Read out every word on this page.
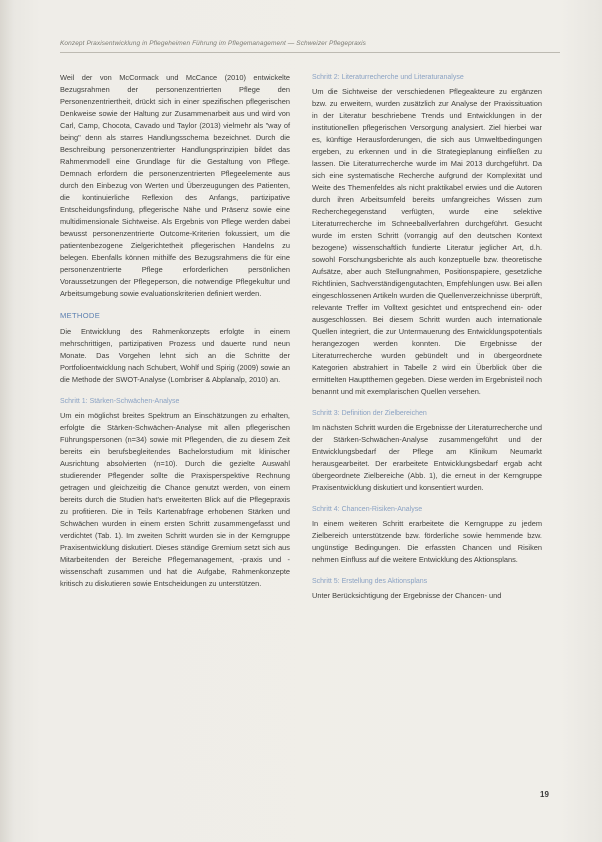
Konzept Praxisentwicklung in Pflegeheimen Führung im Pflegemanagement — Schweizer Pflegepraxis

Weil der von McCormack und McCance (2010) entwickelte Bezugsrahmen der personenzentrierten Pflege den Personenzentriertheit, drückt sich in einer spezifischen pflegerischen Denkweise sowie der Haltung zur Zusammenarbeit aus und wird von Carl, Camp, Chocota, Cavado und Taylor (2013) vielmehr als "way of being" denn als starres Handlungsschema bezeichnet. Durch die Beschreibung personenzentrierter Handlungsprinzipien bildet das Rahmenmodell eine Grundlage für die Gestaltung von Pflege. Demnach erfordern die personenzentrierten Pflegeelemente aus durch den Einbezug von Werten und Überzeugungen des Patienten, die kontinuierliche Reflexion des Anfangs, partizipative Entscheidungsfindung, pflegerische Nähe und Präsenz sowie eine multidimensionale Sichtweise. Als Ergebnis von Pflege werden dabei bewusst personenzentrierte Outcome-Kriterien fokussiert, um die patientenbezogene Zielgerichtetheit pflegerischen Handelns zu belegen. Ebenfalls können mithilfe des Bezugsrahmens die für eine personenzentrierte Pflege erforderlichen persönlichen Voraussetzungen der Pflegeperson, die notwendige Pflegekultur und Arbeitsumgebung sowie evaluationskriterien definiert werden.

METHODE

Die Entwicklung des Rahmenkonzepts erfolgte in einem mehrschrittigen, partizipativen Prozess und dauerte rund neun Monate. Das Vorgehen lehnt sich an die Schritte der Portfolioentwicklung nach Schubert, Wohlf und Spirig (2009) sowie an die Methode der SWOT-Analyse (Lombriser & Abplanalp, 2010) an.

Schritt 1: Stärken-Schwächen-Analyse

Um ein möglichst breites Spektrum an Einschätzungen zu erhalten, erfolgte die Stärken-Schwächen-Analyse mit allen pflegerischen Führungspersonen (n=34) sowie mit Pflegenden, die zu diesem Zeit bereits ein berufsbegleitendes Bachelorstudium mit klinischer Ausrichtung absolvierten (n=10). Durch die gezielte Auswahl studierender Pflegender sollte die Praxisperspektive Rechnung getragen und gleichzeitig die Chance genutzt werden, von einem bereits durch die Studien hat's erweiterten Blick auf die Pflegepraxis zu profitieren. Die in Teils Kartenabfrage erhobenen Stärken und Schwächen wurden in einem ersten Schritt zusammengefasst und verdichtet (Tab. 1). Im zweiten Schritt wurden sie in der Kerngruppe Praxisentwicklung diskutiert. Dieses ständige Gremium setzt sich aus Mitarbeitenden der Bereiche Pflegemanagement, -praxis und -wissenschaft zusammen und hat die Aufgabe, Rahmenkonzepte kritisch zu diskutieren sowie Entscheidungen zu unterstützen.

Schritt 2: Literaturrecherche und Literaturanalyse

Um die Sichtweise der verschiedenen Pflegeakteure zu ergänzen bzw. zu erweitern, wurden zusätzlich zur Analyse der Praxissituation in der Literatur beschriebene Trends und Entwicklungen in der institutionellen pflegerischen Versorgung analysiert. Ziel hierbei war es, künftige Herausforderungen, die sich aus Umweltbedingungen ergeben, zu erkennen und in die Strategieplanung einfließen zu lassen. Die Literaturrecherche wurde im Mai 2013 durchgeführt. Da sich eine systematische Recherche aufgrund der Komplexität und Weite des Themenfeldes als nicht praktikabel erwies und die Autoren durch ihren Arbeitsumfeld bereits umfangreiches Wissen zum Recherchegegenstand verfügten, wurde eine selektive Literaturrecherche im Schneeballverfahren durchgeführt. Gesucht wurde im ersten Schritt (vorrangig auf den deutschen Kontext bezogene) wissenschaftlich fundierte Literatur jeglicher Art, d.h. sowohl Forschungsberichte als auch konzeptuelle bzw. theoretische Aufsätze, aber auch Stellungnahmen, Positionspapiere, gesetzliche Richtlinien, Sachverständigengutachten, Empfehlungen usw. Bei allen eingeschlossenen Artikeln wurden die Quellenverzeichnisse überprüft, relevante Treffer im Volltext gesichtet und entsprechend ein- oder ausgeschlossen. Bei diesem Schritt wurden auch internationale Quellen integriert, die zur Untermauerung des Entwicklungspotentials herangezogen werden konnten. Die Ergebnisse der Literaturrecherche wurden gebündelt und in übergeordnete Kategorien abstrahiert in Tabelle 2 wird ein Überblick über die ermittelten Hauptthemen gegeben. Diese werden im Ergebnisteil noch benannt und mit exemplarischen Quellen versehen.

Schritt 3: Definition der Zielbereichen

Im nächsten Schritt wurden die Ergebnisse der Literaturrecherche und der Stärken-Schwächen-Analyse zusammengeführt und der Entwicklungsbedarf der Pflege am Klinikum Neumarkt herausgearbeitet. Der erarbeitete Entwicklungsbedarf ergab acht übergeordnete Zielbereiche (Abb. 1), die erneut in der Kerngruppe Praxisentwicklung diskutiert und konsentiert wurden.

Schritt 4: Chancen-Risiken-Analyse

In einem weiteren Schritt erarbeitete die Kerngruppe zu jedem Zielbereich unterstützende bzw. förderliche sowie hemmende bzw. ungünstige Bedingungen. Die erfassten Chancen und Risiken nehmen Einfluss auf die weitere Entwicklung des Aktionsplans.

Schritt 5: Erstellung des Aktionsplans

Unter Berücksichtigung der Ergebnisse der Chancen- und

19
